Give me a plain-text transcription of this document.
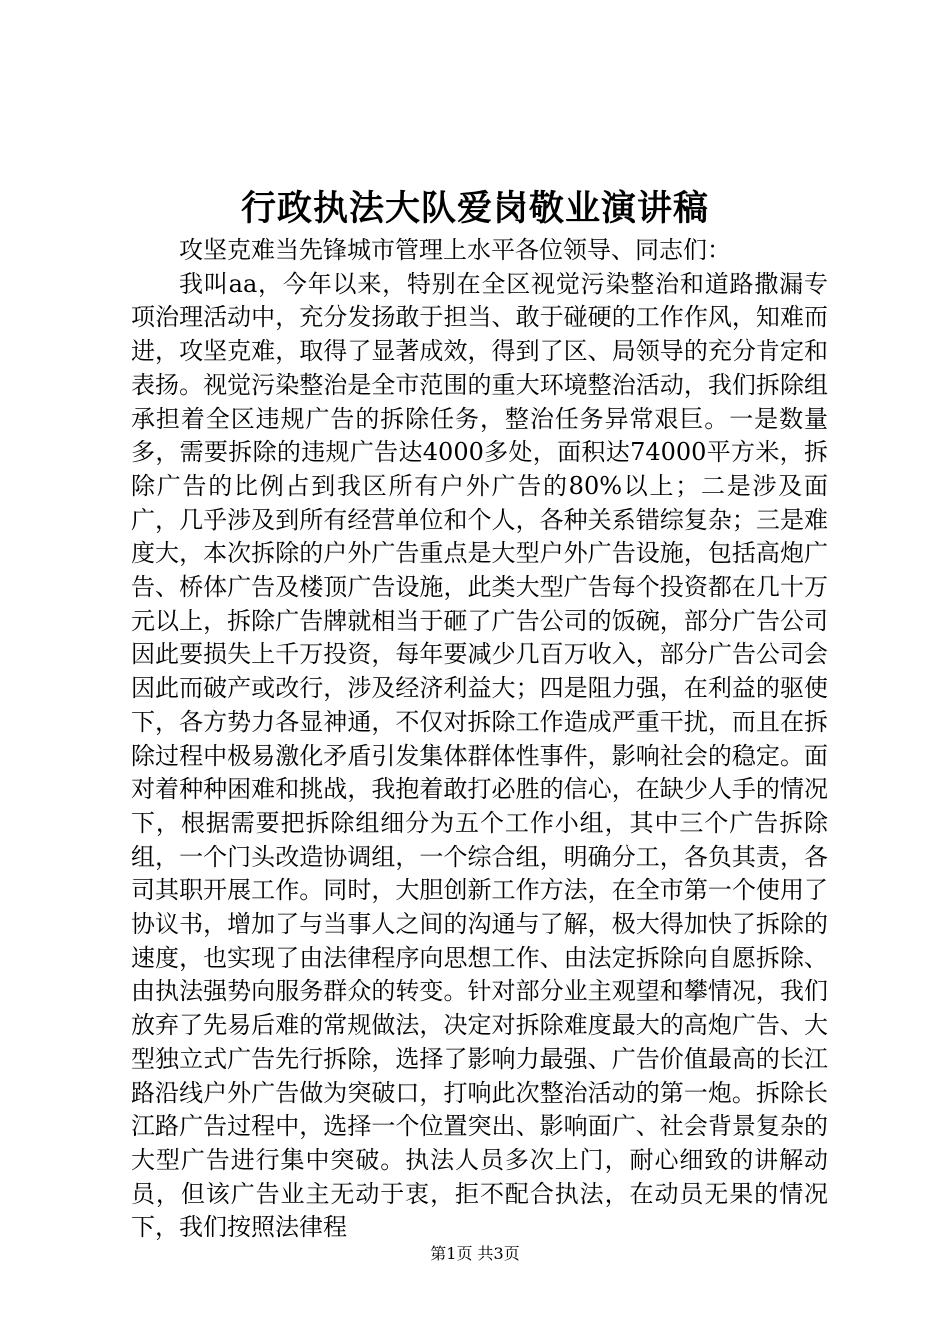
行政执法大队爱岗敬业演讲稿

攻坚克难当先锋城市管理上水平各位领导、同志们：

我叫aa，今年以来，特别在全区视觉污染整治和道路撒漏专项治理活动中，充分发扬敢于担当、敢于碰硬的工作作风，知难而进，攻坚克难，取得了显著成效，得到了区、局领导的充分肯定和表扬。视觉污染整治是全市范围的重大环境整治活动，我们拆除组承担着全区违规广告的拆除任务，整治任务异常艰巨。一是数量多，需要拆除的违规广告达4000多处，面积达74000平方米，拆除广告的比例占到我区所有户外广告的80%以上；二是涉及面广，几乎涉及到所有经营单位和个人，各种关系错综复杂；三是难度大，本次拆除的户外广告重点是大型户外广告设施，包括高炮广告、桥体广告及楼顶广告设施，此类大型广告每个投资都在几十万元以上，拆除广告牌就相当于砸了广告公司的饭碗，部分广告公司因此要损失上千万投资，每年要减少几百万收入，部分广告公司会因此而破产或改行，涉及经济利益大；四是阻力强，在利益的驱使下，各方势力各显神通，不仅对拆除工作造成严重干扰，而且在拆除过程中极易激化矛盾引发集体群体性事件，影响社会的稳定。面对着种种困难和挑战，我抱着敢打必胜的信心，在缺少人手的情况下，根据需要把拆除组细分为五个工作小组，其中三个广告拆除组，一个门头改造协调组，一个综合组，明确分工，各负其责，各司其职开展工作。同时，大胆创新工作方法，在全市第一个使用了协议书，增加了与当事人之间的沟通与了解，极大得加快了拆除的速度，也实现了由法律程序向思想工作、由法定拆除向自愿拆除、由执法强势向服务群众的转变。针对部分业主观望和攀情况，我们放弃了先易后难的常规做法，决定对拆除难度最大的高炮广告、大型独立式广告先行拆除，选择了影响力最强、广告价值最高的长江路沿线户外广告做为突破口，打响此次整治活动的第一炮。拆除长江路广告过程中，选择一个位置突出、影响面广、社会背景复杂的大型广告进行集中突破。执法人员多次上门，耐心细致的讲解动员，但该广告业主无动于衷，拒不配合执法，在动员无果的情况下，我们按照法律程

第1页 共3页
